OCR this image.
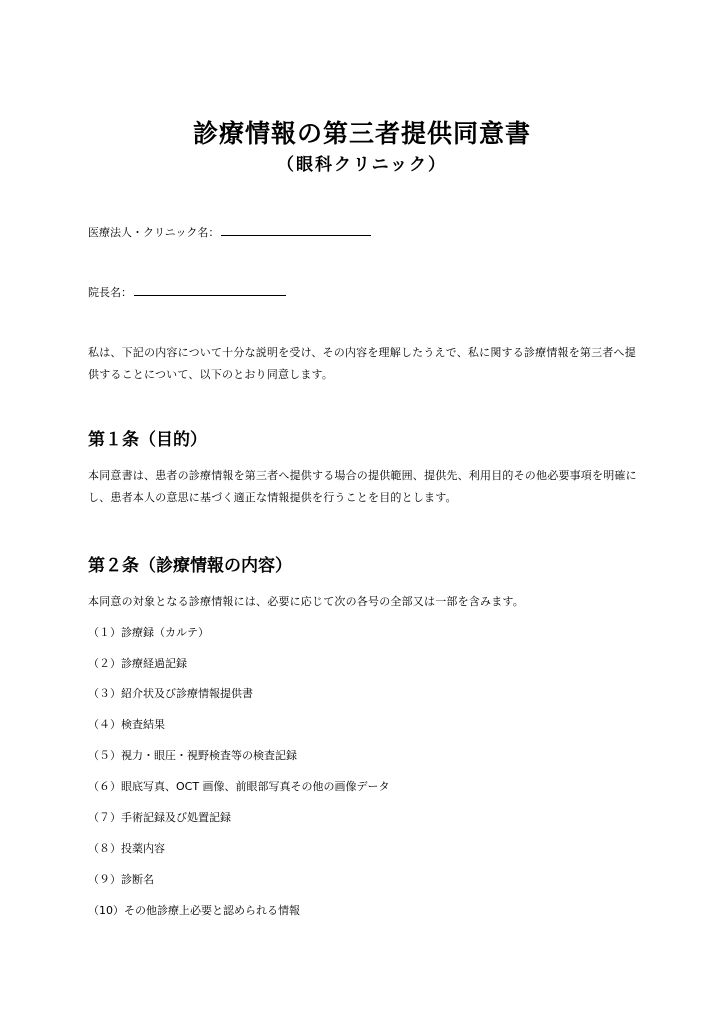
診療情報の第三者提供同意書
（眼科クリニック）
医療法人・クリニック名：
院長名：

私は、下記の内容について十分な説明を受け、その内容を理解したうえで、私に関する診療情報を第三者へ提供することについて、以下のとおり同意します。

第１条（目的）

本同意書は、患者の診療情報を第三者へ提供する場合の提供範囲、提供先、利用目的その他必要事項を明確にし、患者本人の意思に基づく適正な情報提供を行うことを目的とします。

第２条（診療情報の内容）

本同意の対象となる診療情報には、必要に応じて次の各号の全部又は一部を含みます。

（１）診療録（カルテ）

（２）診療経過記録

（３）紹介状及び診療情報提供書

（４）検査結果

（５）視力・眼圧・視野検査等の検査記録

（６）眼底写真、OCT 画像、前眼部写真その他の画像データ

（７）手術記録及び処置記録

（８）投薬内容

（９）診断名

（10）その他診療上必要と認められる情報
